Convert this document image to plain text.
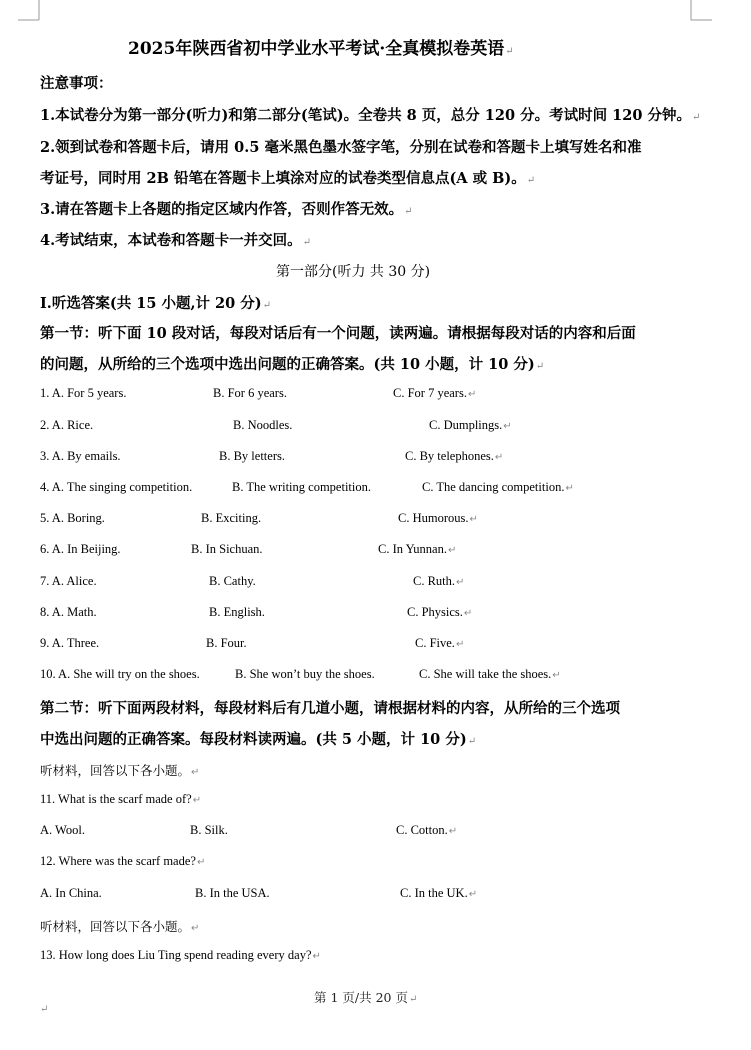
2025年陕西省初中学业水平考试·全真模拟卷英语↵
注意事项：
1.本试卷分为第一部分(听力)和第二部分(笔试)。全卷共 8 页，总分 120 分。考试时间 120 分钟。↵
2.领到试卷和答题卡后，请用 0.5 毫米黑色墨水签字笔，分别在试卷和答题卡上填写姓名和准
考证号，同时用 2B 铅笔在答题卡上填涂对应的试卷类型信息点(A 或 B)。↵
3.请在答题卡上各题的指定区域内作答，否则作答无效。↵
4.考试结束，本试卷和答题卡一并交回。↵
第一部分(听力 共 30 分)
Ⅰ.听选答案(共 15 小题,计 20 分)↵
第一节：听下面 10 段对话，每段对话后有一个问题，读两遍。请根据每段对话的内容和后面
的问题，从所给的三个选项中选出问题的正确答案。(共 10 小题，计 10 分)↵
1. A. For 5 years.	B. For 6 years.	C. For 7 years.↵
2. A. Rice.	B. Noodles.	C. Dumplings.↵
3. A. By emails.	B. By letters.	C. By telephones.↵
4. A. The singing competition.	B. The writing competition.	C. The dancing competition.↵
5. A. Boring.	B. Exciting.	C. Humorous.↵
6. A. In Beijing.	B. In Sichuan.	C. In Yunnan.↵
7. A. Alice.	B. Cathy.	C. Ruth.↵
8. A. Math.	B. English.	C. Physics.↵
9. A. Three.	B. Four.	C. Five.↵
10. A. She will try on the shoes.	B. She won’t buy the shoes.	C. She will take the shoes.↵
第二节：听下面两段材料，每段材料后有几道小题，请根据材料的内容，从所给的三个选项
中选出问题的正确答案。每段材料读两遍。(共 5 小题，计 10 分)↵
听材料，回答以下各小题。↵
11. What is the scarf made of?↵
A. Wool.	B. Silk.	C. Cotton.↵
12. Where was the scarf made?↵
A. In China.	B. In the USA.	C. In the UK.↵
听材料，回答以下各小题。↵
13. How long does Liu Ting spend reading every day?↵
第 1 页/共 20 页↵
↵
